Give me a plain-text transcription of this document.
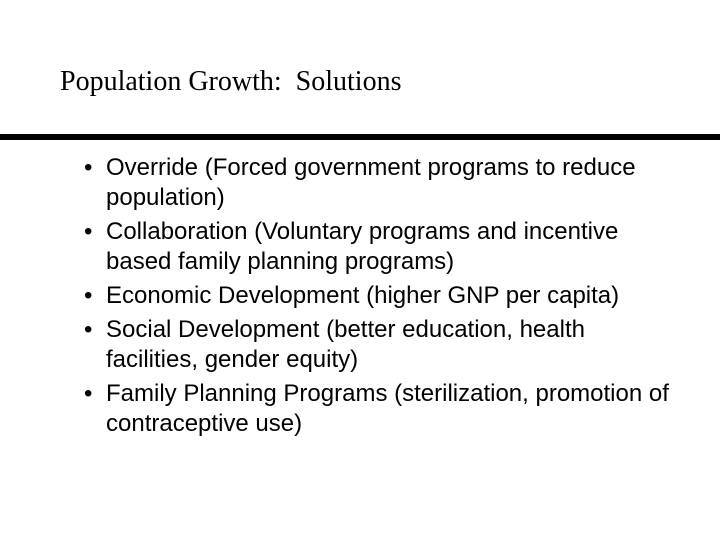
Population Growth:  Solutions
• Override (Forced government programs to reduce population)
• Collaboration (Voluntary programs and incentive based family planning programs)
• Economic Development (higher GNP per capita)
• Social Development (better education, health facilities, gender equity)
• Family Planning Programs (sterilization, promotion of contraceptive use)
